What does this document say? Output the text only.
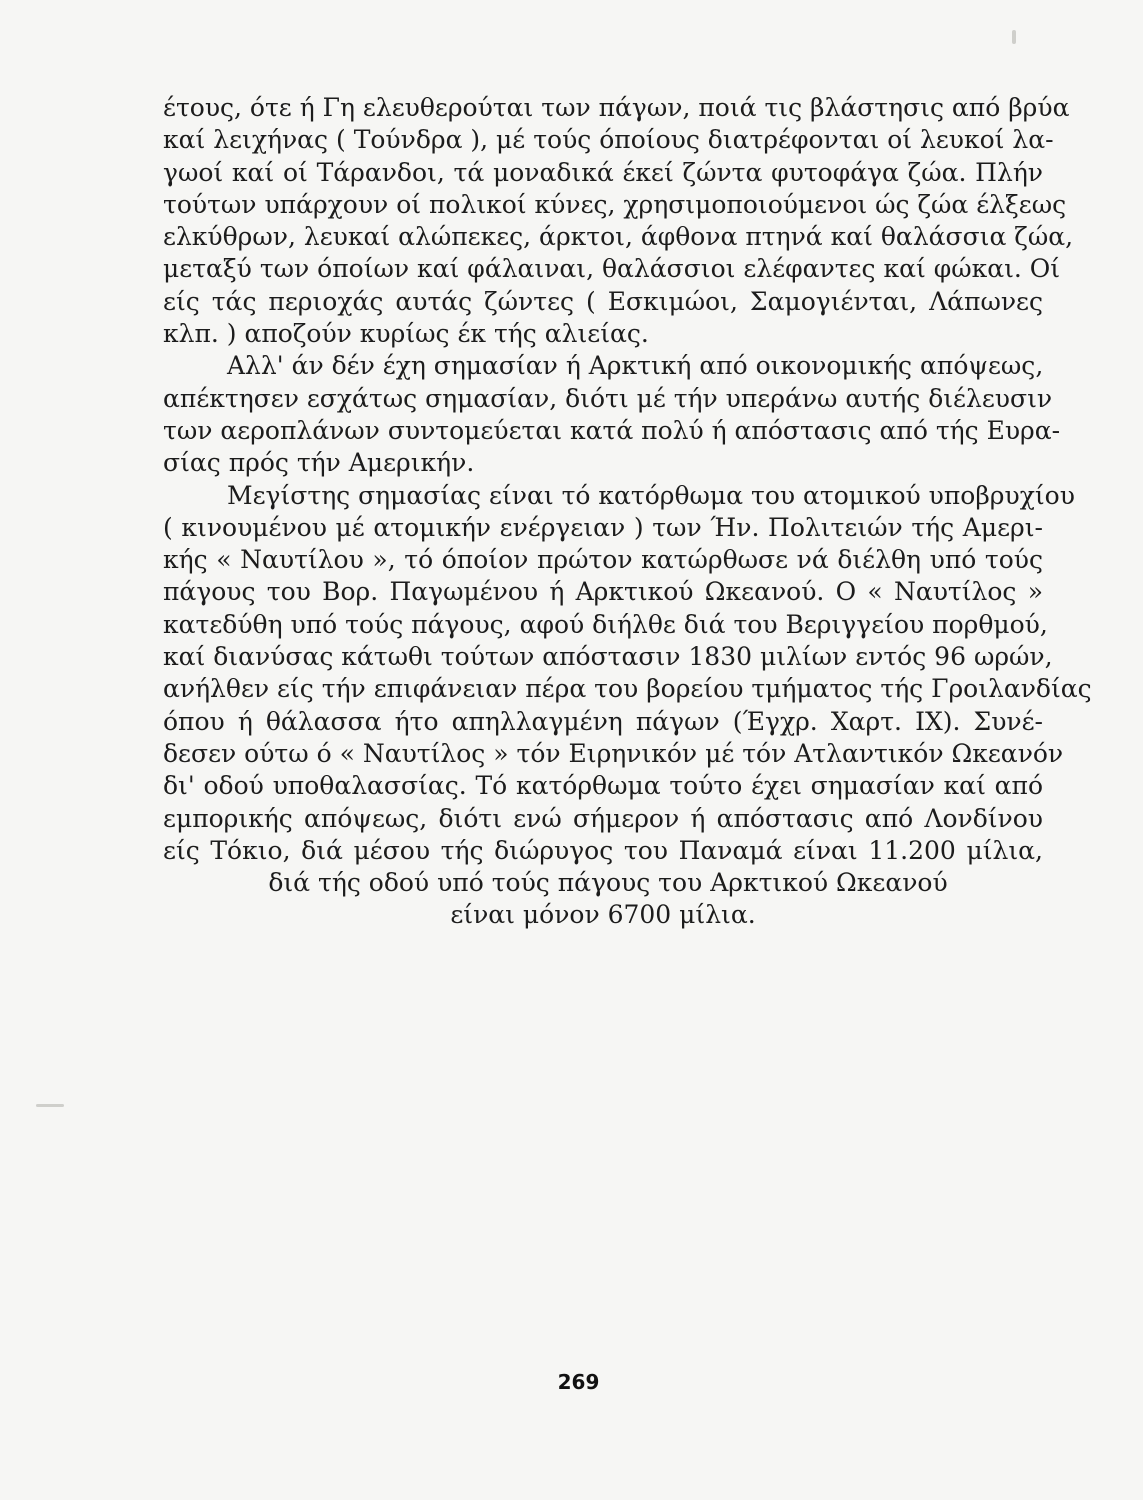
έτους, ότε ή Γη ελευθερούται των πάγων, ποιά τις βλάστησις από βρύα
καί λειχήνας ( Τούνδρα ), μέ τούς όποίους διατρέφονται οί λευκοί λα-
γωοί καί οί Τάρανδοι, τά μοναδικά έκεί ζώντα φυτοφάγα ζώα. Πλήν
τούτων υπάρχουν οί πολικοί κύνες, χρησιμοποιούμενοι ώς ζώα έλξεως
ελκύθρων, λευκαί αλώπεκες, άρκτοι, άφθονα πτηνά καί θαλάσσια ζώα,
μεταξύ των όποίων καί φάλαιναι, θαλάσσιοι ελέφαντες καί φώκαι. Οί
είς τάς περιοχάς αυτάς ζώντες ( Εσκιμώοι, Σαμογιένται, Λάπωνες
κλπ. ) αποζούν κυρίως έκ τής αλιείας.
Αλλ' άν δέν έχη σημασίαν ή Αρκτική από οικονομικής απόψεως,
απέκτησεν εσχάτως σημασίαν, διότι μέ τήν υπεράνω αυτής διέλευσιν
των αεροπλάνων συντομεύεται κατά πολύ ή απόστασις από τής Ευρα-
σίας πρός τήν Αμερικήν.
Μεγίστης σημασίας είναι τό κατόρθωμα του ατομικού υποβρυχίου
( κινουμένου μέ ατομικήν ενέργειαν ) των Ήν. Πολιτειών τής Αμερι-
κής « Ναυτίλου », τό όποίον πρώτον κατώρθωσε νά διέλθη υπό τούς
πάγους του Βορ. Παγωμένου ή Αρκτικού Ωκεανού. Ο « Ναυτίλος »
κατεδύθη υπό τούς πάγους, αφού διήλθε διά του Βεριγγείου πορθμού,
καί διανύσας κάτωθι τούτων απόστασιν 1830 μιλίων εντός 96 ωρών,
ανήλθεν είς τήν επιφάνειαν πέρα του βορείου τμήματος τής Γροιλανδίας
όπου ή θάλασσα ήτο απηλλαγμένη πάγων (Έγχρ. Χαρτ. IX). Συνέ-
δεσεν ούτω ό « Ναυτίλος » τόν Ειρηνικόν μέ τόν Ατλαντικόν Ωκεανόν
δι' οδού υποθαλασσίας. Τό κατόρθωμα τούτο έχει σημασίαν καί από
εμπορικής απόψεως, διότι ενώ σήμερον ή απόστασις από Λονδίνου
είς Τόκιο, διά μέσου τής διώρυγος του Παναμά είναι 11.200 μίλια,
διά τής οδού υπό τούς πάγους του Αρκτικού Ωκεανού
είναι μόνον 6700 μίλια.
269
